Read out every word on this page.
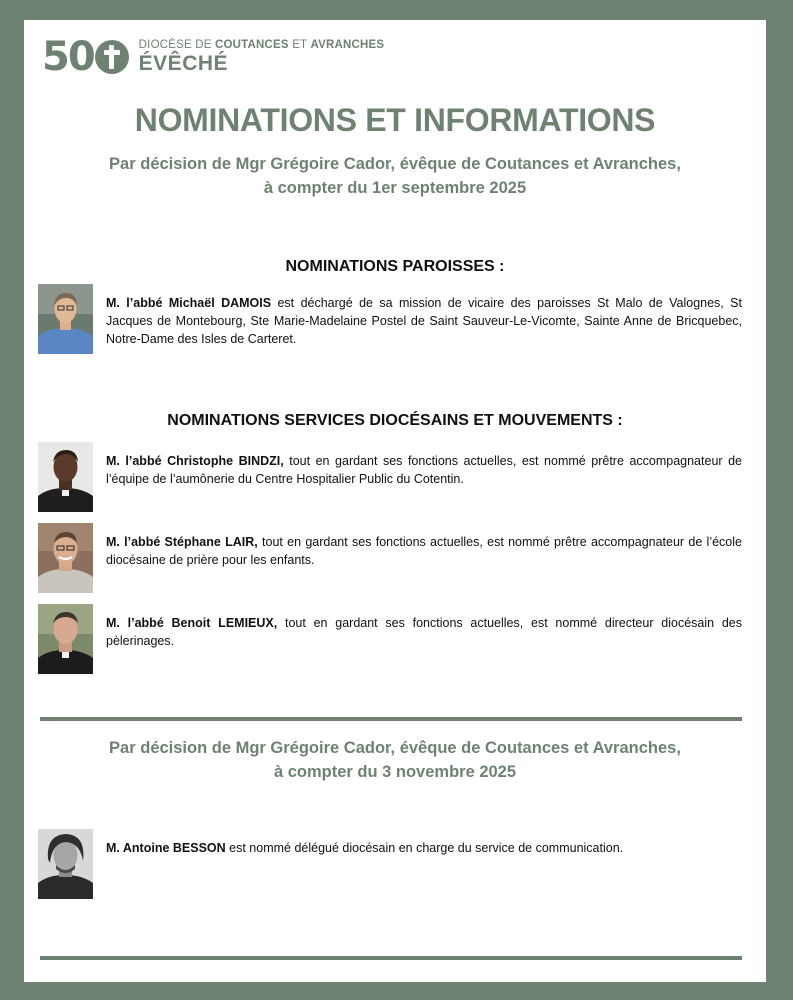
50	DIOCÈSE DE COUTANCES ET AVRANCHES
ÉVÊCHÉ
NOMINATIONS ET INFORMATIONS
Par décision de Mgr Grégoire Cador, évêque de Coutances et Avranches,
à compter du 1er septembre 2025
NOMINATIONS PAROISSES :
M. l’abbé Michaël DAMOIS est déchargé de sa mission de vicaire des paroisses St Malo de Valognes, St Jacques de Montebourg, Ste Marie-Madelaine Postel de Saint Sauveur-Le-Vicomte, Sainte Anne de Bricquebec, Notre-Dame des Isles de Carteret.
NOMINATIONS SERVICES DIOCÉSAINS ET MOUVEMENTS :
M. l’abbé Christophe BINDZI, tout en gardant ses fonctions actuelles, est nommé prêtre accompagnateur de l’équipe de l’aumônerie du Centre Hospitalier Public du Cotentin.
M. l’abbé Stéphane LAIR, tout en gardant ses fonctions actuelles, est nommé prêtre accompagnateur de l’école diocésaine de prière pour les enfants.
M. l’abbé Benoit LEMIEUX, tout en gardant ses fonctions actuelles, est nommé directeur diocésain des pèlerinages.
Par décision de Mgr Grégoire Cador, évêque de Coutances et Avranches,
à compter du 3 novembre 2025
M. Antoine BESSON est nommé délégué diocésain en charge du service de communication.
